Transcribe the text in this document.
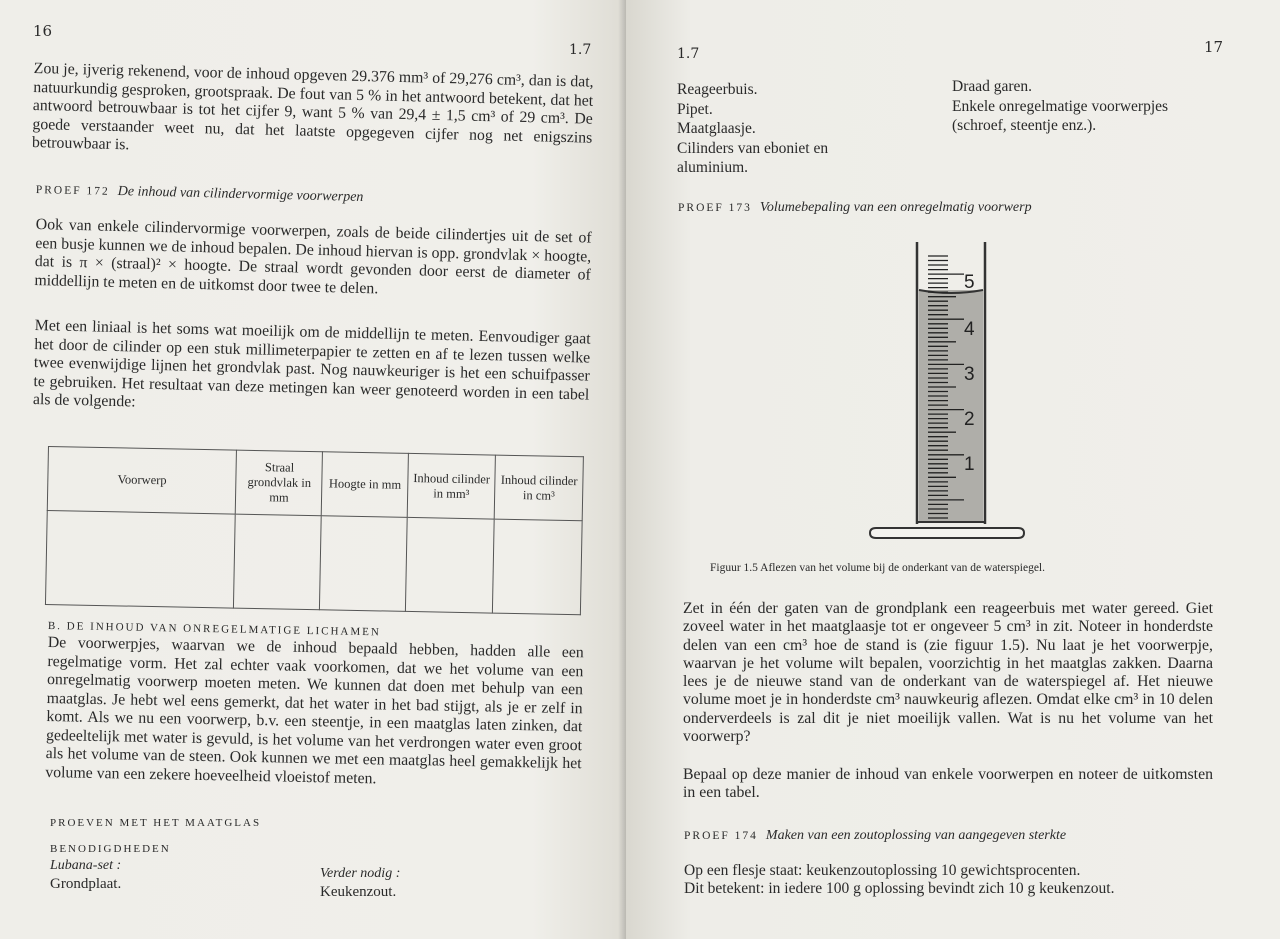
16
1.7

Zou je, ijverig rekenend, voor de inhoud opgeven 29.376 mm³ of 29,276 cm³, dan is dat, natuurkundig gesproken, grootspraak. De fout van 5 % in het antwoord betekent, dat het antwoord betrouwbaar is tot het cijfer 9, want 5 % van 29,4 ± 1,5 cm³ of 29 cm³. De goede verstaander weet nu, dat het laatste opgegeven cijfer nog net enigszins betrouwbaar is.

PROEF 172 De inhoud van cilindervormige voorwerpen

Ook van enkele cilindervormige voorwerpen, zoals de beide cilindertjes uit de set of een busje kunnen we de inhoud bepalen. De inhoud hiervan is opp. grondvlak × hoogte, dat is π × (straal)² × hoogte. De straal wordt gevonden door eerst de diameter of middellijn te meten en de uitkomst door twee te delen.

Met een liniaal is het soms wat moeilijk om de middellijn te meten. Eenvoudiger gaat het door de cilinder op een stuk millimeterpapier te zetten en af te lezen tussen welke twee evenwijdige lijnen het grondvlak past. Nog nauwkeuriger is het een schuifpasser te gebruiken. Het resultaat van deze metingen kan weer genoteerd worden in een tabel als de volgende:

Voorwerp	Straal grondvlak in mm	Hoogte in mm	Inhoud cilinder in mm³	Inhoud cilinder in cm³

B. DE INHOUD VAN ONREGELMATIGE LICHAMEN

De voorwerpjes, waarvan we de inhoud bepaald hebben, hadden alle een regelmatige vorm. Het zal echter vaak voorkomen, dat we het volume van een onregelmatig voorwerp moeten meten. We kunnen dat doen met behulp van een maatglas. Je hebt wel eens gemerkt, dat het water in het bad stijgt, als je er zelf in komt. Als we nu een voorwerp, b.v. een steentje, in een maatglas laten zinken, dat gedeeltelijk met water is gevuld, is het volume van het verdrongen water even groot als het volume van de steen. Ook kunnen we met een maatglas heel gemakkelijk het volume van een zekere hoeveelheid vloeistof meten.

PROEVEN MET HET MAATGLAS
BENODIGDHEDEN
Lubana-set :
Grondplaat.
Verder nodig :
Keukenzout.
17
1.7
Reageerbuis.
Pipet.
Maatglaasje.
Cilinders van eboniet en
aluminium.
Draad garen.
Enkele onregelmatige voorwerpjes
(schroef, steentje enz.).
PROEF 173 Volumebepaling van een onregelmatig voorwerp
5
4
3
2
1
Figuur 1.5 Aflezen van het volume bij de onderkant van de waterspiegel.

Zet in één der gaten van de grondplank een reageerbuis met water gereed. Giet zoveel water in het maatglaasje tot er ongeveer 5 cm³ in zit. Noteer in honderdste delen van een cm³ hoe de stand is (zie figuur 1.5). Nu laat je het voorwerpje, waarvan je het volume wilt bepalen, voorzichtig in het maatglas zakken. Daarna lees je de nieuwe stand van de onderkant van de waterspiegel af. Het nieuwe volume moet je in honderdste cm³ nauwkeurig aflezen. Omdat elke cm³ in 10 delen onderverdeels is zal dit je niet moeilijk vallen. Wat is nu het volume van het voorwerp?

Bepaal op deze manier de inhoud van enkele voorwerpen en noteer de uitkomsten in een tabel.

PROEF 174 Maken van een zoutoplossing van aangegeven sterkte
Op een flesje staat: keukenzoutoplossing 10 gewichtsprocenten.
Dit betekent: in iedere 100 g oplossing bevindt zich 10 g keukenzout.
